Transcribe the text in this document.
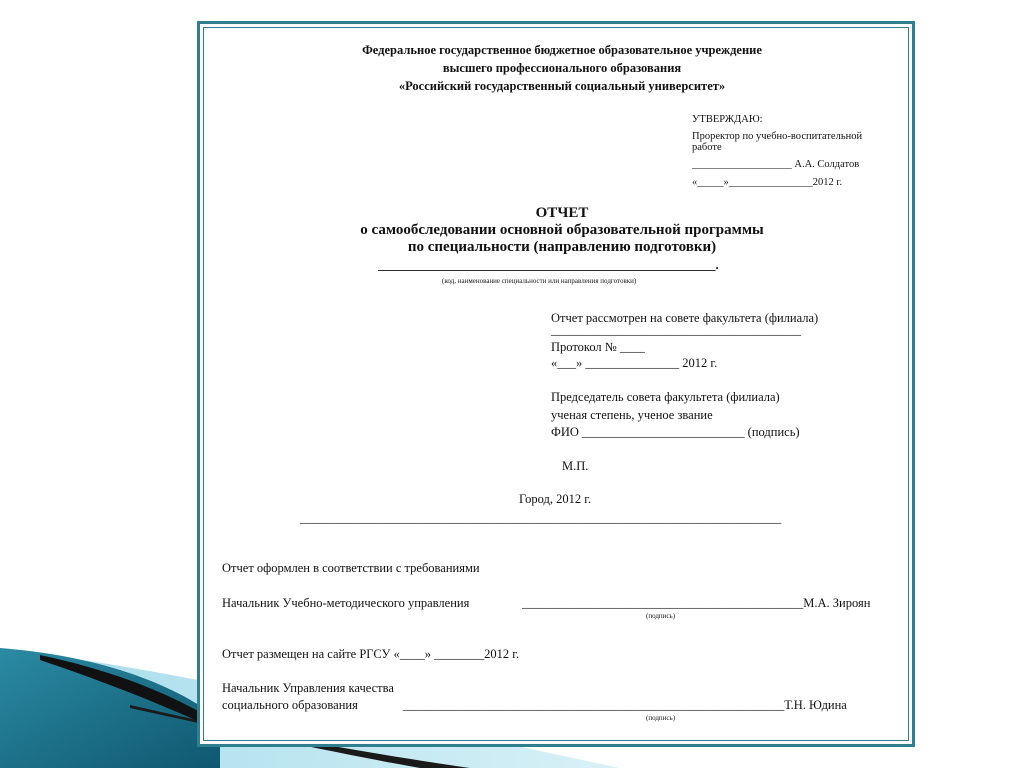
Федеральное государственное бюджетное образовательное учреждение
высшего профессионального образования
«Российский государственный социальный университет»
УТВЕРЖДАЮ:
Проректор по учебно-воспитательной
работе
___________________ А.А. Солдатов
«_____»________________2012 г.
ОТЧЕТ
о самообследовании основной образовательной программы
по специальности (направлению подготовки)
______________________________________________________.
(код, наименование специальности или направления подготовки)
Отчет рассмотрен на совете факультета (филиала)
________________________________________
Протокол № ____
«___» _______________ 2012 г.
Председатель совета факультета (филиала)
ученая степень, ученое звание
ФИО __________________________ (подпись)
М.П.
Город, 2012 г.
_____________________________________________________________________________
Отчет оформлен в соответствии с требованиями
Начальник Учебно-методического управления	_____________________________________________М.А. Зироян
(подпись)
Отчет размещен на сайте РГСУ «____» ________2012 г.
Начальник Управления качества
социального образования	_____________________________________________________________Т.Н. Юдина
(подпись)
